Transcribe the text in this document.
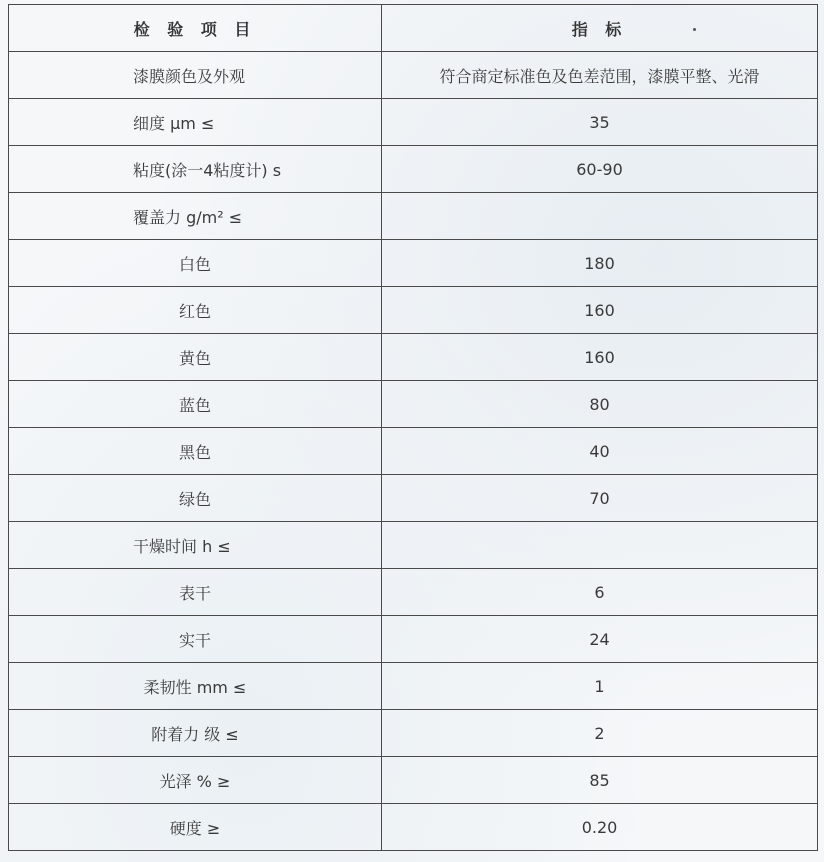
检 验 项 目	指 标
漆膜颜色及外观	符合商定标准色及色差范围，漆膜平整、光滑
细度 μm ≤	35
粘度(涂一4粘度计) s	60-90
覆盖力 g/m² ≤	
白色	180
红色	160
黄色	160
蓝色	80
黑色	40
绿色	70
干燥时间 h ≤	
表干	6
实干	24
柔韧性 mm ≤	1
附着力 级 ≤	2
光泽 % ≥	85
硬度 ≥	0.20
